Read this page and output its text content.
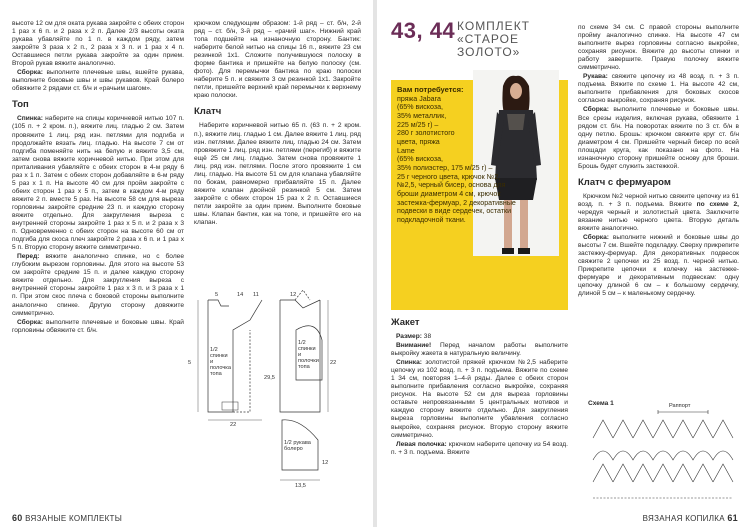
высоте 12 см для оката рукава закройте с обеих сторон 1 раз х 6 п. и 2 раза х 2 п. Далее 2/3 высоты оката рукава убавляйте по 1 п. в каждом ряду, затем закройте 3 раза х 2 п., 2 раза х 3 п. и 1 раз х 4 п. Оставшиеся петли рукава закройте за один прием. Второй рукав вяжите аналогично.

Сборка: выполните плечевые швы, вшейте рукава, выполните боковые швы и швы рукавов. Край болеро обвяжите 2 рядами ст. б/н и «рачьим шагом».

Топ

Спинка: наберите на спицы коричневой нитью 107 п. (105 п. + 2 кром. п.), вяжите лиц. гладью 2 см. Затем провяжите 1 лиц. ряд изн. петлями для подгиба и продолжайте вязать лиц. гладью. На высоте 7 см от подгиба поменяйте нить на белую и вяжите 3,5 см, затем снова вяжите коричневой нитью. При этом для приталивания убавляйте с обеих сторон в 4-м ряду 6 раз х 1 п. Затем с обеих сторон добавляйте в 6-м ряду 5 раз х 1 п. На высоте 40 см для пройм закройте с обеих сторон 1 раз х 5 п., затем в каждом 4-м ряду вяжите 2 п. вместе 5 раз. На высоте 58 см для выреза горловины закройте средние 23 п. и каждую сторону вяжите отдельно. Для закругления выреза с внутренней стороны закройте 1 раз х 5 п. и 2 раза х 3 п. Одновременно с обеих сторон на высоте 60 см от подгиба для скоса плеч закройте 2 раза х 6 п. и 1 раз х 5 п. Вторую сторону вяжите симметрично.

Перед: вяжите аналогично спинке, но с более глубоким вырезом горловины. Для этого на высоте 53 см закройте средние 15 п. и далее каждую сторону вяжите отдельно. Для закругления выреза с внутренней стороны закройте 1 раз х 3 п. и 3 раза х 1 п. При этом скос плеча с боковой стороны выполните аналогично спинке. Другую сторону довяжите симметрично.

Сборка: выполните плечевые и боковые швы. Край горловины обвяжите ст. б/н.

крючком следующим образом: 1-й ряд – ст. б/н, 2-й ряд – ст. б/н, 3-й ряд – «рачий шаг». Нижний край топа подшейте на изнаночную сторону. Бантик: наберите белой нитью на спицы 16 п., вяжите 23 см резинкой 1х1. Сложите получившуюся полоску в форме бантика и пришейте на белую полоску (см. фото). Для перемычки бантика по краю полоски наберите 5 п. и свяжите 3 см резинкой 1х1. Закройте петли, пришейте верхний край перемычки к верхнему краю полоски.

Клатч

Наберите коричневой нитью 65 п. (63 п. + 2 кром. п.), вяжите лиц. гладью 1 см. Далее вяжите 1 лиц. ряд изн. петлями. Далее вяжите лиц. гладью 24 см. Затем провяжите 1 лиц. ряд изн. петлями (перегиб) и вяжите ещё 25 см лиц. гладью. Затем снова провяжите 1 лиц. ряд изн. петлями. После этого провяжите 1 см лиц. гладью. На высоте 51 см для клапана убавляйте по бокам, равномерно прибавляйте 15 п. Далее вяжите клапан двойной резинкой 5 см. Затем закройте с обеих сторон 15 раз х 2 п. Оставшиеся петли закройте за один прием. Выполните боковые швы. Клапан бантик, как на топе, и пришейте его на клапан.

1/2 спинки и полочка топа
1/2 спинки и полочки топа
1/2 рукава болеро
5	14 11
5
29,5
22
12
22
13,5
12
60 ВЯЗАНЫЕ КОМПЛЕКТЫ
43, 44 КОМПЛЕКТ
«СТАРОЕ
ЗОЛОТО»

Вам потребуется:

пряжа Jabara

(65% вискоза,

35% металлик,

225 м/25 г) –

280 г золотистого

цвета, пряжа

Lame

(65% вискоза,

35% полиэстер, 175 м/25 г) –

25 г черного цвета, крючок №2,

№2,5, черный бисер, основа для

броши диаметром 4 см, крючок

застежка-фермуар, 2 декоративные

подвески в виде сердечек, остатки

подкладочной ткани.

Жакет

Размер: 38

Внимание! Перед началом работы выполните выкройку жакета в натуральную величину.

Спинка: золотистой пряжей крючком №2,5 наберите цепочку из 102 возд. п. + 3 п. подъема. Вяжите по схеме 1 34 см, повторяя 1–4-й ряды. Далее с обеих сторон выполните прибавления согласно выкройке, сохраняя рисунок. На высоте 52 см для выреза горловины оставьте непровязанными 5 центральных мотивов и каждую сторону вяжите отдельно. Для закругления выреза горловины выполните убавления согласно выкройке, сохраняя рисунок. Вторую сторону вяжите симметрично.

Левая полочка: крючком наберите цепочку из 54 возд. п. + 3 п. подъема. Вяжите

по схеме 34 см. С правой стороны выполните пройму аналогично спинке. На высоте 47 см выполните вырез горловины согласно выкройке, сохраняя рисунок. Вяжите до высоты спинки и работу завершите. Правую полочку вяжите симметрично.

Рукава: свяжите цепочку из 48 возд. п. + 3 п. подъема. Вяжите по схеме 1. На высоте 42 см, выполните прибавления для боковых скосов согласно выкройке, сохраняя рисунок.

Сборка: выполните плечевые и боковые швы. Все срезы изделия, включая рукава, обвяжите 1 рядом ст. б/н. На поворотах вяжите по 3 ст. б/н в одну петлю. Брошь: крючком свяжите круг ст. б/н диаметром 4 см. Пришейте черный бисер по всей площади круга, как показано на фото. На изнаночную сторону пришейте основу для броши. Брошь будет служить застежкой.

Клатч с фермуаром

Крючком №2 черной нитью свяжите цепочку из 61 возд. п. + 3 п. подъема. Вяжите по схеме 2, чередуя черный и золотистый цвета. Заключите вязание нитью черного цвета. Вторую деталь вяжите аналогично.

Сборка: выполните нижний и боковые швы до высоты 7 см. Вшейте подкладку. Сверху прикрепите застежку-фермуар. Для декоративных подвесок свяжите 2 цепочки из 25 возд. п. черной нитью. Прикрепите цепочки к колечку на застежке-фермуаре и декоративным подвескам: одну цепочку длиной 6 см – к большому сердечку, длиной 5 см – к маленькому сердечку.

Схема 1	Раппорт
ВЯЗАНАЯ КОПИЛКА 61
